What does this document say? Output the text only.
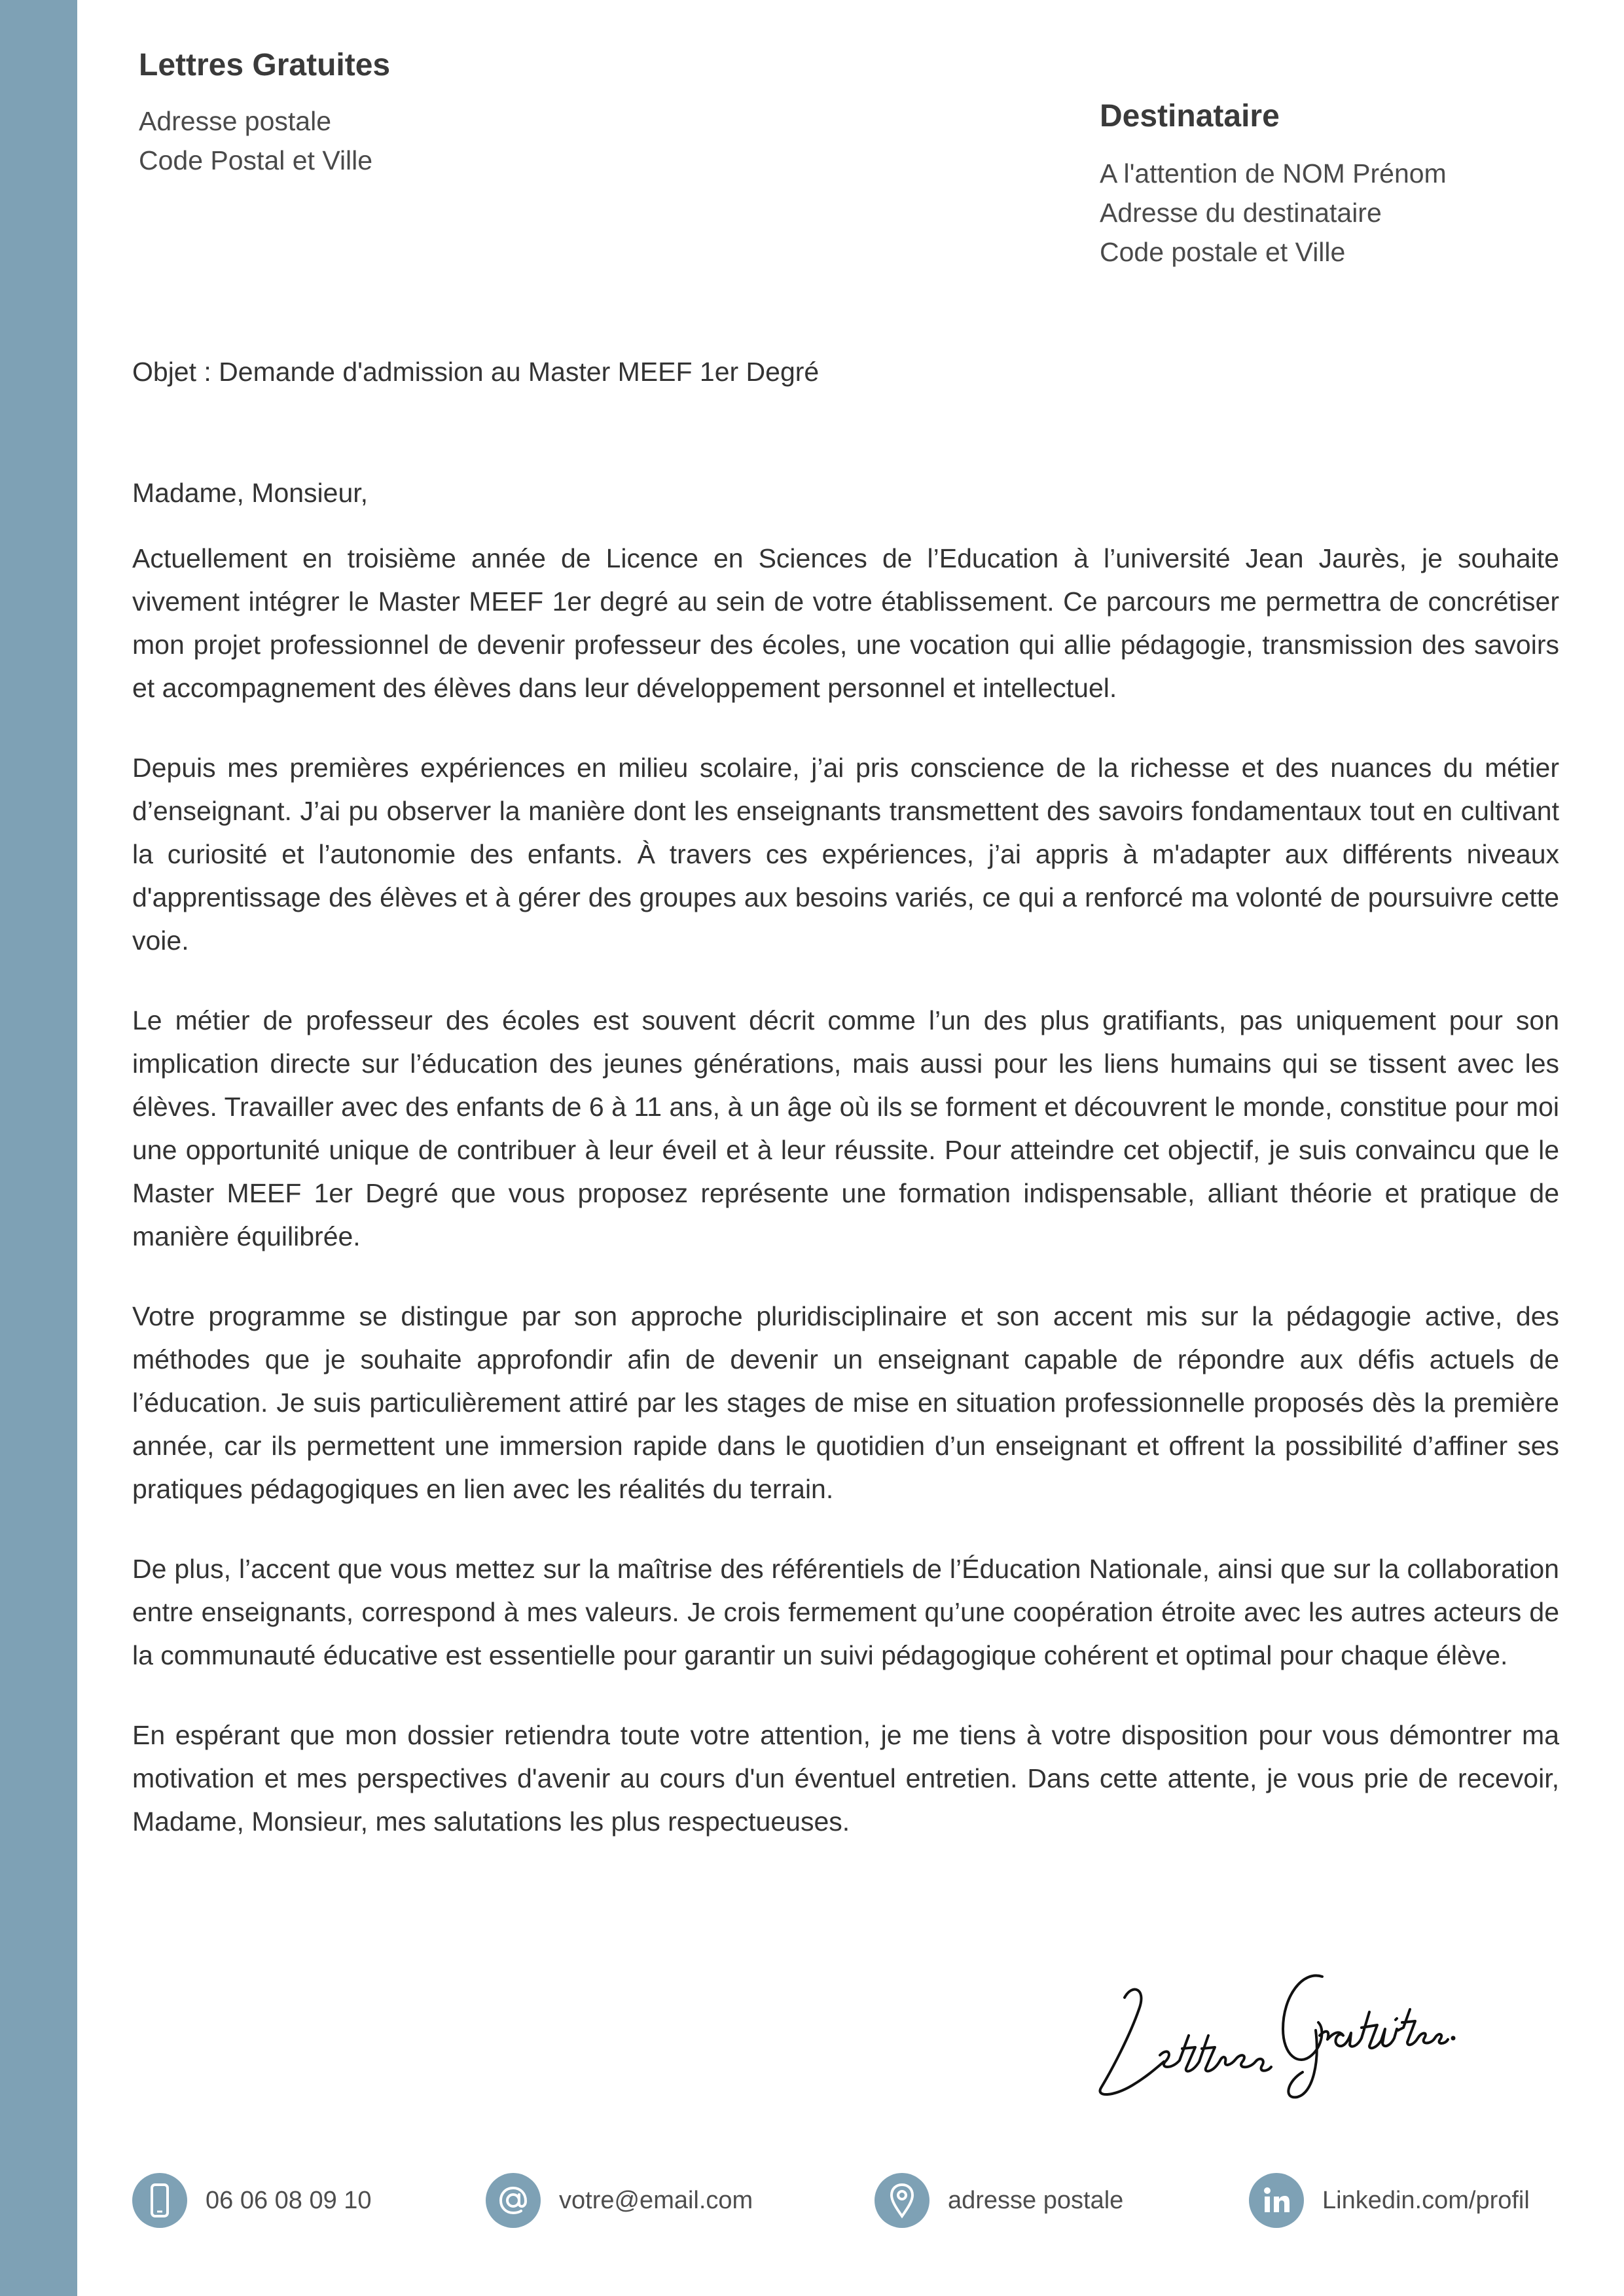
Lettres Gratuites
Adresse postale
Code Postal et Ville
Destinataire
A l'attention de NOM Prénom
Adresse du destinataire
Code postale et Ville
Objet : Demande d'admission au Master MEEF 1er Degré
Madame, Monsieur,

Actuellement en troisième année de Licence en Sciences de l’Education à l’université Jean Jaurès, je souhaite vivement intégrer le Master MEEF 1er degré au sein de votre établissement. Ce parcours me permettra de concrétiser mon projet professionnel de devenir professeur des écoles, une vocation qui allie pédagogie, transmission des savoirs et accompagnement des élèves dans leur développement personnel et intellectuel.

Depuis mes premières expériences en milieu scolaire, j’ai pris conscience de la richesse et des nuances du métier d’enseignant. J’ai pu observer la manière dont les enseignants transmettent des savoirs fondamentaux tout en cultivant la curiosité et l’autonomie des enfants. À travers ces expériences, j’ai appris à m'adapter aux différents niveaux d'apprentissage des élèves et à gérer des groupes aux besoins variés, ce qui a renforcé ma volonté de poursuivre cette voie.

Le métier de professeur des écoles est souvent décrit comme l’un des plus gratifiants, pas uniquement pour son implication directe sur l’éducation des jeunes générations, mais aussi pour les liens humains qui se tissent avec les élèves. Travailler avec des enfants de 6 à 11 ans, à un âge où ils se forment et découvrent le monde, constitue pour moi une opportunité unique de contribuer à leur éveil et à leur réussite. Pour atteindre cet objectif, je suis convaincu que le Master MEEF 1er Degré que vous proposez représente une formation indispensable, alliant théorie et pratique de manière équilibrée.

Votre programme se distingue par son approche pluridisciplinaire et son accent mis sur la pédagogie active, des méthodes que je souhaite approfondir afin de devenir un enseignant capable de répondre aux défis actuels de l’éducation. Je suis particulièrement attiré par les stages de mise en situation professionnelle proposés dès la première année, car ils permettent une immersion rapide dans le quotidien d’un enseignant et offrent la possibilité d’affiner ses pratiques pédagogiques en lien avec les réalités du terrain.

De plus, l’accent que vous mettez sur la maîtrise des référentiels de l’Éducation Nationale, ainsi que sur la collaboration entre enseignants, correspond à mes valeurs. Je crois fermement qu’une coopération étroite avec les autres acteurs de la communauté éducative est essentielle pour garantir un suivi pédagogique cohérent et optimal pour chaque élève.

En espérant que mon dossier retiendra toute votre attention, je me tiens à votre disposition pour vous démontrer ma motivation et mes perspectives d'avenir au cours d'un éventuel entretien. Dans cette attente, je vous prie de recevoir, Madame, Monsieur, mes salutations les plus respectueuses.

06 06 08 09 10	votre@email.com	adresse postale	Linkedin.com/profil
